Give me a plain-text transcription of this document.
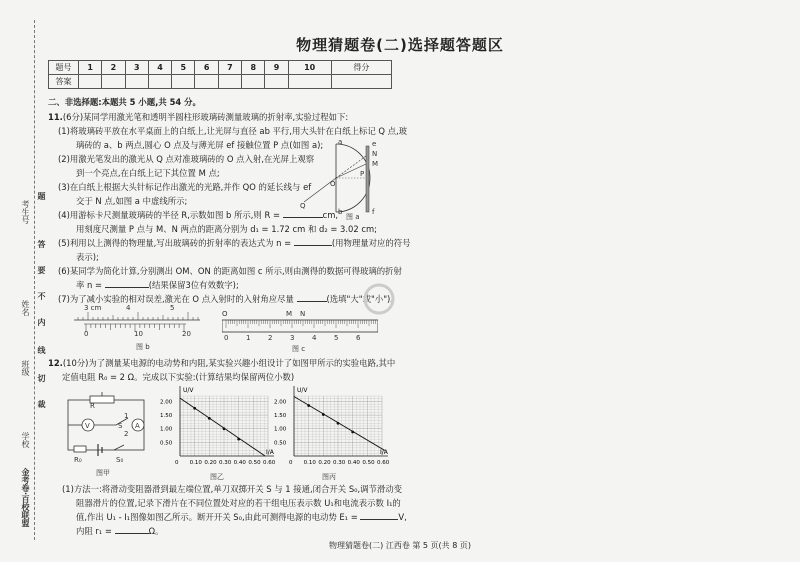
考生号
姓名
班级
学校
金考卷·百校联盟
题
答
要
不
内
线
切
裁
物理猜题卷(二)选择题答题区
题号	1	2	3	4	5	6	7	8	9	10	得分
答案											
二、非选择题:本题共 5 小题,共 54 分。
11.(6分)某同学用激光笔和透明半圆柱形玻璃砖测量玻璃的折射率,实验过程如下:
(1)将玻璃砖平放在水平桌面上的白纸上,让光屏与直径 ab 平行,用大头针在白纸上标记 Q 点,玻
璃砖的 a、b 两点,圆心 O 点及与薄光屏 ef 接触位置 P 点(如图 a);
(2)用激光笔发出的激光从 Q 点对准玻璃砖的 O 点入射,在光屏上观察
到一个亮点,在白纸上记下其位置 M 点;
(3)在白纸上根据大头针标记作出激光的光路,并作 QO 的延长线与 ef
交于 N 点,如图 a 中虚线所示;
(4)用游标卡尺测量玻璃砖的半径 R,示数如图 b 所示,则 R =	cm,
用刻度尺测量 P 点与 M、N 两点的距离分别为 d₁ = 1.72 cm 和 d₂ = 3.02 cm;
(5)利用以上测得的物理量,写出玻璃砖的折射率的表达式为 n =	(用物理量对应的符号
表示);
(6)某同学为简化计算,分别测出 OM、ON 的距离如图 c 所示,则由测得的数据可得玻璃的折射
率 n =	(结果保留3位有效数字);
(7)为了减小实验的相对误差,激光在 O 点入射时的入射角应尽量	(选填"大"或"小")。
a
b
e
f
N
M
P
O
Q
图 a
3 cm	4	5
0	10	20
图 b
O	M N
0	1	2	3	4	5	6
图 c
12.(10分)为了测量某电源的电动势和内阻,某实验兴趣小组设计了如图甲所示的实验电路,其中
定值电阻 R₀ = 2 Ω。完成以下实验:(计算结果均保留两位小数)
R
V	A
S
1
2
R₀	S₀
图甲
U/V
I/A
2.00
1.50
1.00
0.50
0 0.10 0.20 0.30 0.40 0.50 0.60
U/V
I/A
2.00
1.50
1.00
0.50
0 0.10 0.20 0.30 0.40 0.50 0.60
图乙	图丙
(1)方法一:将滑动变阻器滑到最左端位置,单刀双掷开关 S 与 1 接通,闭合开关 S₀,调节滑动变
阻器滑片的位置,记录下滑片在不同位置处对应的若干组电压表示数 U₁和电流表示数 I₁的
值,作出 U₁ - I₁图像如图乙所示。断开开关 S₀,由此可测得电源的电动势 E₁ =	V,
内阻 r₁ =	Ω。
物理猜题卷(二) 江西卷 第 5 页(共 8 页)
